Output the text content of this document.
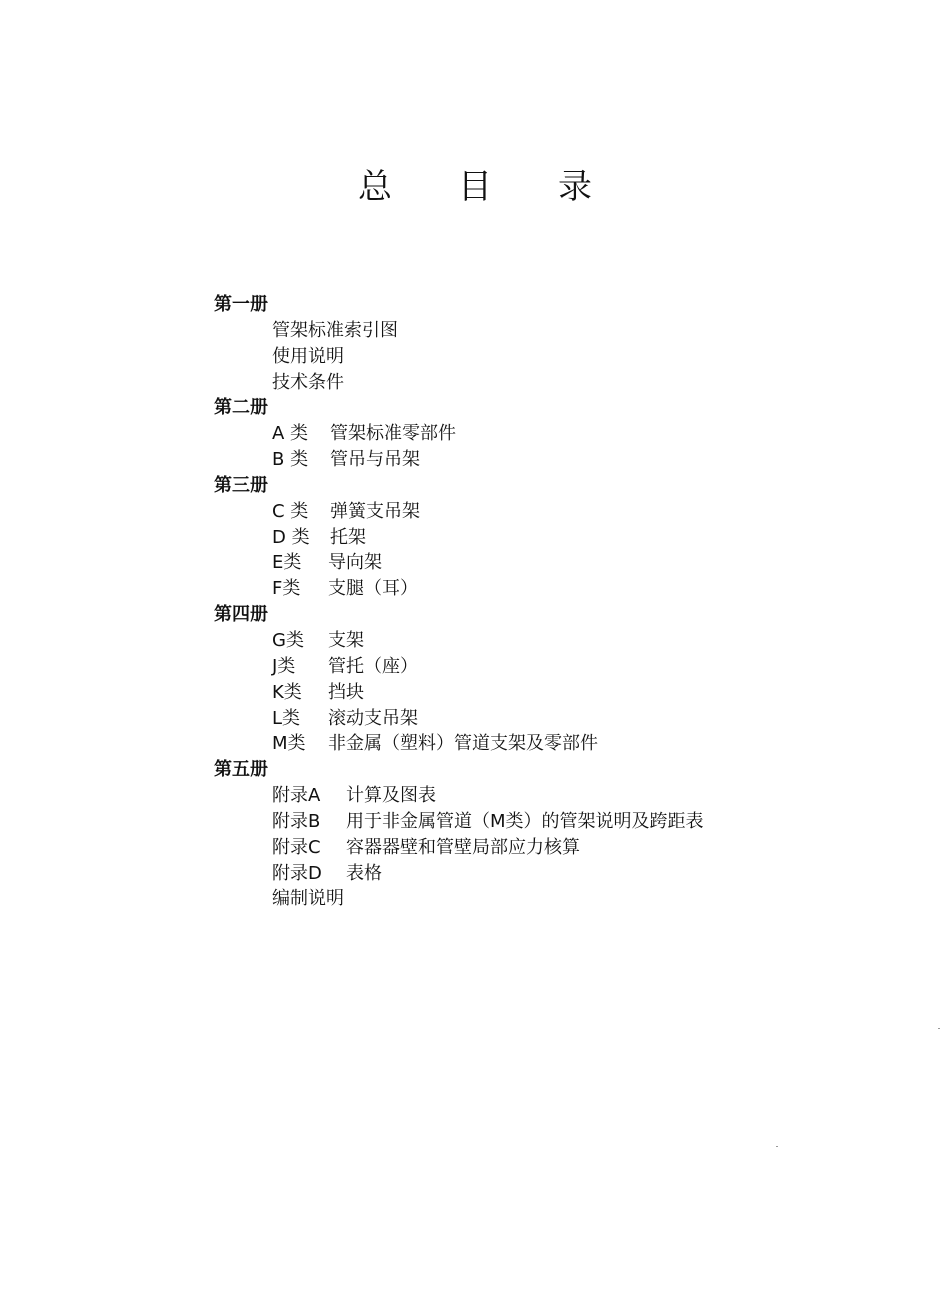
总 目 录
第一册
管架标准索引图
使用说明
技术条件
第二册
A 类	管架标准零部件
B 类	管吊与吊架
第三册
C 类	弹簧支吊架
D 类	托架
E类	导向架
F类	支腿（耳）
第四册
G类	支架
J类	管托（座）
K类	挡块
L类	滚动支吊架
M类	非金属（塑料）管道支架及零部件
第五册
附录A	计算及图表
附录B	用于非金属管道（M类）的管架说明及跨距表
附录C	容器器壁和管壁局部应力核算
附录D	表格
编制说明
